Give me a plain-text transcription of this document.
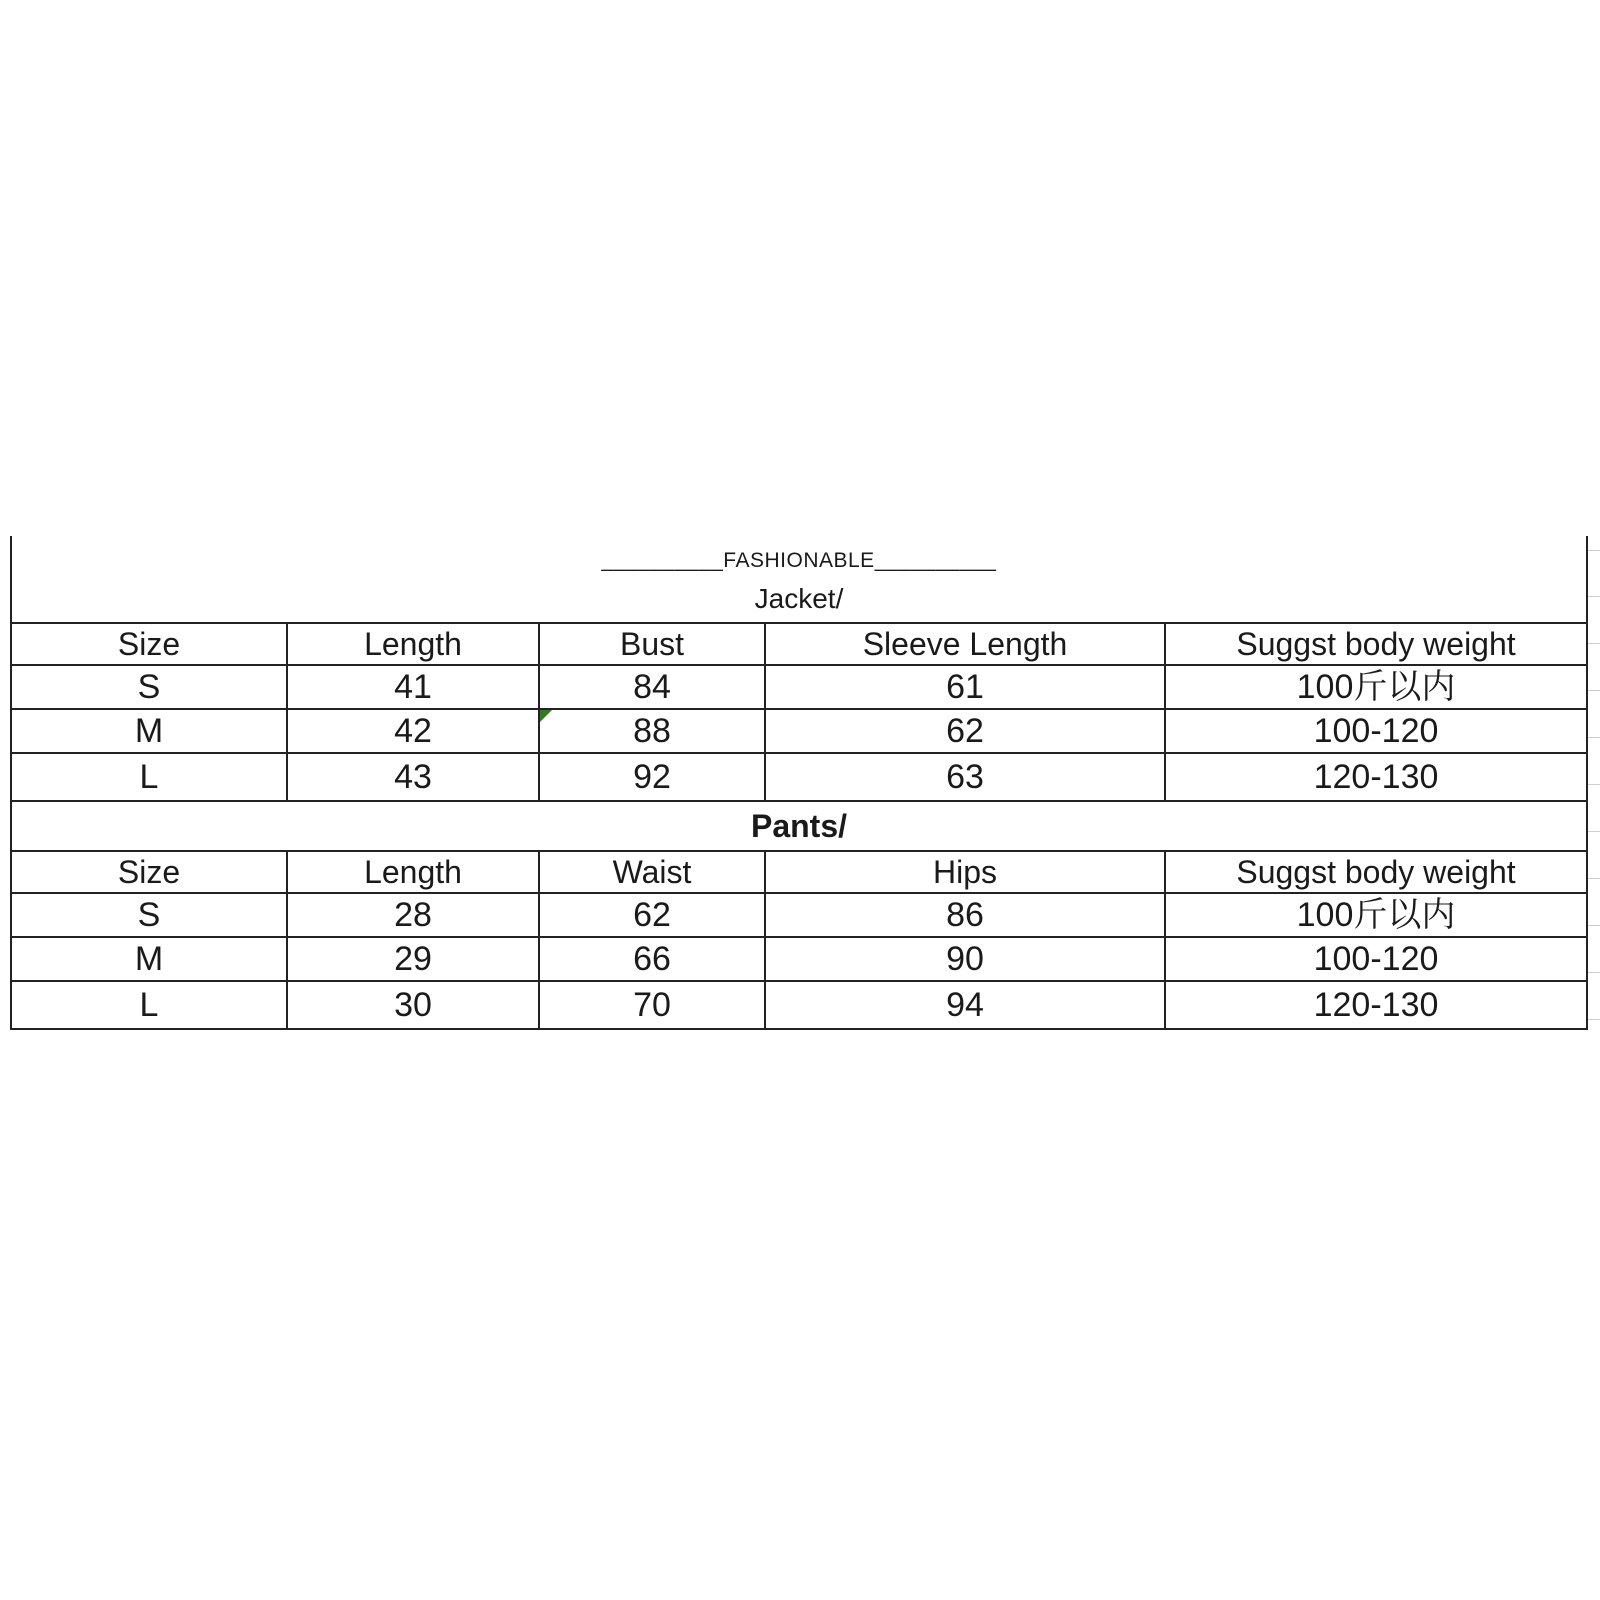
__________FASHIONABLE__________
Jacket/				

Size	Length	Bust	Sleeve Length	Suggst body weight
S	41	84	61	100斤以内
M	42	88	62	100-120
L	43	92	63	120-130
Pants/				
Size	Length	Waist	Hips	Suggst body weight
S	28	62	86	100斤以内
M	29	66	90	100-120
L	30	70	94	120-130
